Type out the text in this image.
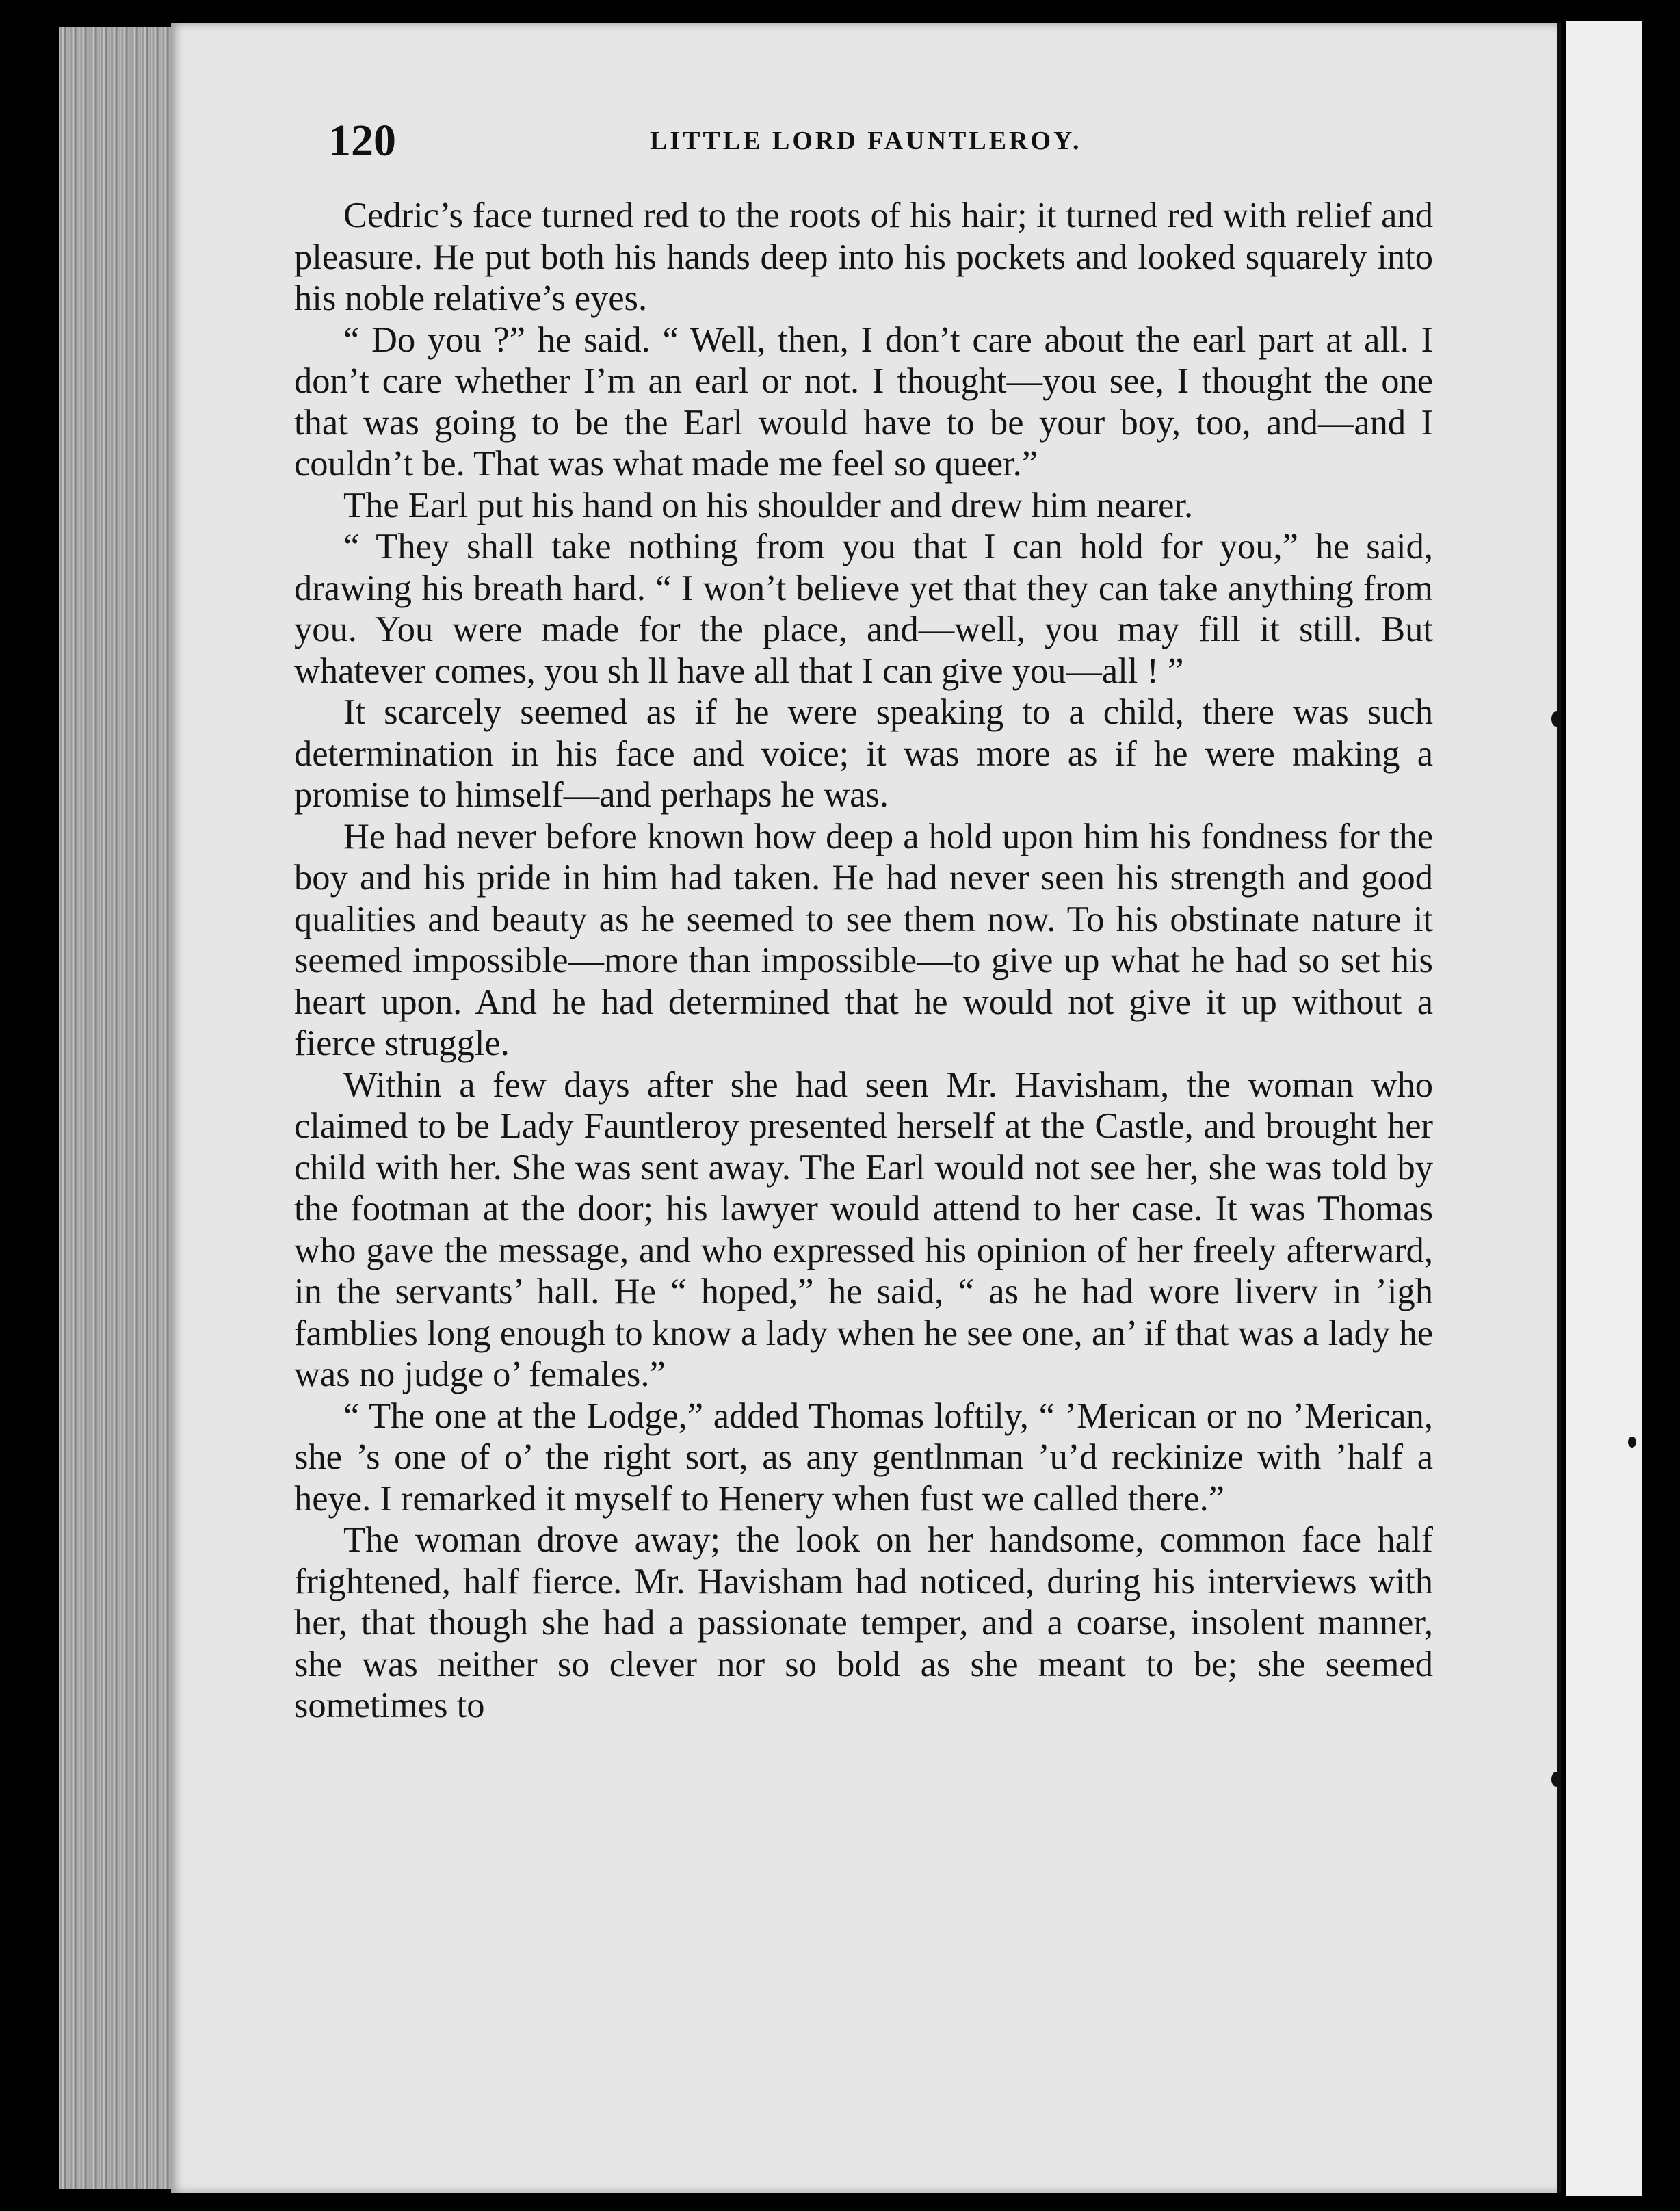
120	LITTLE LORD FAUNTLEROY.

Cedric’s face turned red to the roots of his hair; it turned red with relief and pleasure. He put both his hands deep into his pockets and looked squarely into his noble relative’s eyes.

“ Do you ?” he said. “ Well, then, I don’t care about the earl part at all. I don’t care whether I’m an earl or not. I thought—you see, I thought the one that was going to be the Earl would have to be your boy, too, and—and I couldn’t be. That was what made me feel so queer.”

The Earl put his hand on his shoulder and drew him nearer.

“ They shall take nothing from you that I can hold for you,” he said, drawing his breath hard. “ I won’t believe yet that they can take anything from you. You were made for the place, and—well, you may fill it still. But whatever comes, you sh ll have all that I can give you—all ! ”

It scarcely seemed as if he were speaking to a child, there was such determination in his face and voice; it was more as if he were making a promise to himself—and perhaps he was.

He had never before known how deep a hold upon him his fondness for the boy and his pride in him had taken. He had never seen his strength and good qualities and beauty as he seemed to see them now. To his obstinate nature it seemed impossible—more than impossible—to give up what he had so set his heart upon. And he had determined that he would not give it up without a fierce struggle.

Within a few days after she had seen Mr. Havisham, the woman who claimed to be Lady Fauntleroy presented herself at the Castle, and brought her child with her. She was sent away. The Earl would not see her, she was told by the footman at the door; his lawyer would attend to her case. It was Thomas who gave the message, and who expressed his opinion of her freely afterward, in the servants’ hall. He “ hoped,” he said, “ as he had wore liverv in ’igh famblies long enough to know a lady when he see one, an’ if that was a lady he was no judge o’ females.”

“ The one at the Lodge,” added Thomas loftily, “ ’Merican or no ’Merican, she ’s one of o’ the right sort, as any gentlnman ’u’d reckinize with ’half a heye. I remarked it myself to Henery when fust we called there.”

The woman drove away; the look on her handsome, common face half frightened, half fierce. Mr. Havisham had noticed, during his interviews with her, that though she had a passionate temper, and a coarse, insolent manner, she was neither so clever nor so bold as she meant to be; she seemed sometimes to
